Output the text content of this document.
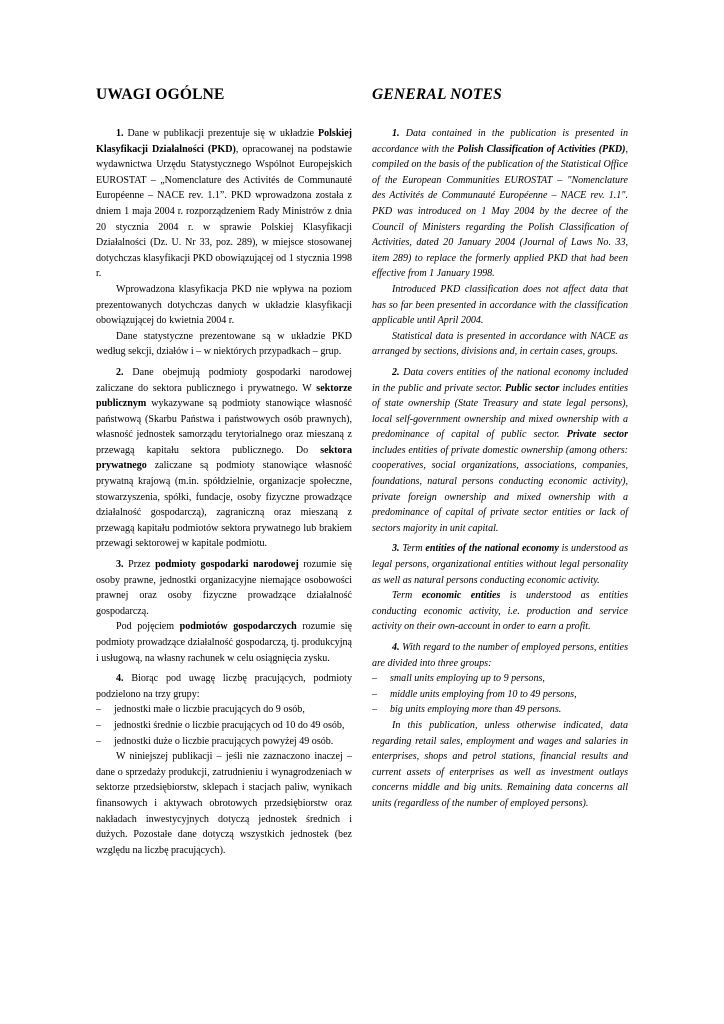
UWAGI OGÓLNE

1. Dane w publikacji prezentuje się w układzie Polskiej Klasyfikacji Działalności (PKD), opracowanej na podstawie wydawnictwa Urzędu Statystycznego Wspólnot Europejskich EUROSTAT – „Nomenclature des Activités de Communauté Européenne – NACE rev. 1.1”. PKD wprowadzona została z dniem 1 maja 2004 r. rozporządzeniem Rady Ministrów z dnia 20 stycznia 2004 r. w sprawie Polskiej Klasyfikacji Działalności (Dz. U. Nr 33, poz. 289), w miejsce stosowanej dotychczas klasyfikacji PKD obowiązującej od 1 stycznia 1998 r.

Wprowadzona klasyfikacja PKD nie wpływa na poziom prezentowanych dotychczas danych w układzie klasyfikacji obowiązującej do kwietnia 2004 r.

Dane statystyczne prezentowane są w układzie PKD według sekcji, działów i – w niektórych przypadkach – grup.

2. Dane obejmują podmioty gospodarki narodowej zaliczane do sektora publicznego i prywatnego. W sektorze publicznym wykazywane są podmioty stanowiące własność państwową (Skarbu Państwa i państwowych osób prawnych), własność jednostek samorządu terytorialnego oraz mieszaną z przewagą kapitału sektora publicznego. Do sektora prywatnego zaliczane są podmioty stanowiące własność prywatną krajową (m.in. spółdzielnie, organizacje społeczne, stowarzyszenia, spółki, fundacje, osoby fizyczne prowadzące działalność gospodarczą), zagraniczną oraz mieszaną z przewagą kapitału podmiotów sektora prywatnego lub brakiem przewagi sektorowej w kapitale podmiotu.

3. Przez podmioty gospodarki narodowej rozumie się osoby prawne, jednostki organizacyjne niemające osobowości prawnej oraz osoby fizyczne prowadzące działalność gospodarczą.

Pod pojęciem podmiotów gospodarczych rozumie się podmioty prowadzące działalność gospodarczą, tj. produkcyjną i usługową, na własny rachunek w celu osiągnięcia zysku.

4. Biorąc pod uwagę liczbę pracujących, podmioty podzielono na trzy grupy:

– jednostki małe o liczbie pracujących do 9 osób,
– jednostki średnie o liczbie pracujących od 10 do 49 osób,
– jednostki duże o liczbie pracujących powyżej 49 osób.

W niniejszej publikacji – jeśli nie zaznaczono inaczej – dane o sprzedaży produkcji, zatrudnieniu i wynagrodzeniach w sektorze przedsiębiorstw, sklepach i stacjach paliw, wynikach finansowych i aktywach obrotowych przedsiębiorstw oraz nakładach inwestycyjnych dotyczą jednostek średnich i dużych. Pozostałe dane dotyczą wszystkich jednostek (bez względu na liczbę pracujących).

GENERAL NOTES

1. Data contained in the publication is presented in accordance with the Polish Classification of Activities (PKD), compiled on the basis of the publication of the Statistical Office of the European Communities EUROSTAT – "Nomenclature des Activités de Communauté Européenne – NACE rev. 1.1". PKD was introduced on 1 May 2004 by the decree of the Council of Ministers regarding the Polish Classification of Activities, dated 20 January 2004 (Journal of Laws No. 33, item 289) to replace the formerly applied PKD that had been effective from 1 January 1998.

Introduced PKD classification does not affect data that has so far been presented in accordance with the classification applicable until April 2004.

Statistical data is presented in accordance with NACE as arranged by sections, divisions and, in certain cases, groups.

2. Data covers entities of the national economy included in the public and private sector. Public sector includes entities of state ownership (State Treasury and state legal persons), local self-government ownership and mixed ownership with a predominance of capital of public sector. Private sector includes entities of private domestic ownership (among others: cooperatives, social organizations, associations, companies, foundations, natural persons conducting economic activity), private foreign ownership and mixed ownership with a predominance of capital of private sector entities or lack of sectors majority in unit capital.

3. Term entities of the national economy is understood as legal persons, organizational entities without legal personality as well as natural persons conducting economic activity.

Term economic entities is understood as entities conducting economic activity, i.e. production and service activity on their own-account in order to earn a profit.

4. With regard to the number of employed persons, entities are divided into three groups:

– small units employing up to 9 persons,
– middle units employing from 10 to 49 persons,
– big units employing more than 49 persons.

In this publication, unless otherwise indicated, data regarding retail sales, employment and wages and salaries in enterprises, shops and petrol stations, financial results and current assets of enterprises as well as investment outlays concerns middle and big units. Remaining data concerns all units (regardless of the number of employed persons).
